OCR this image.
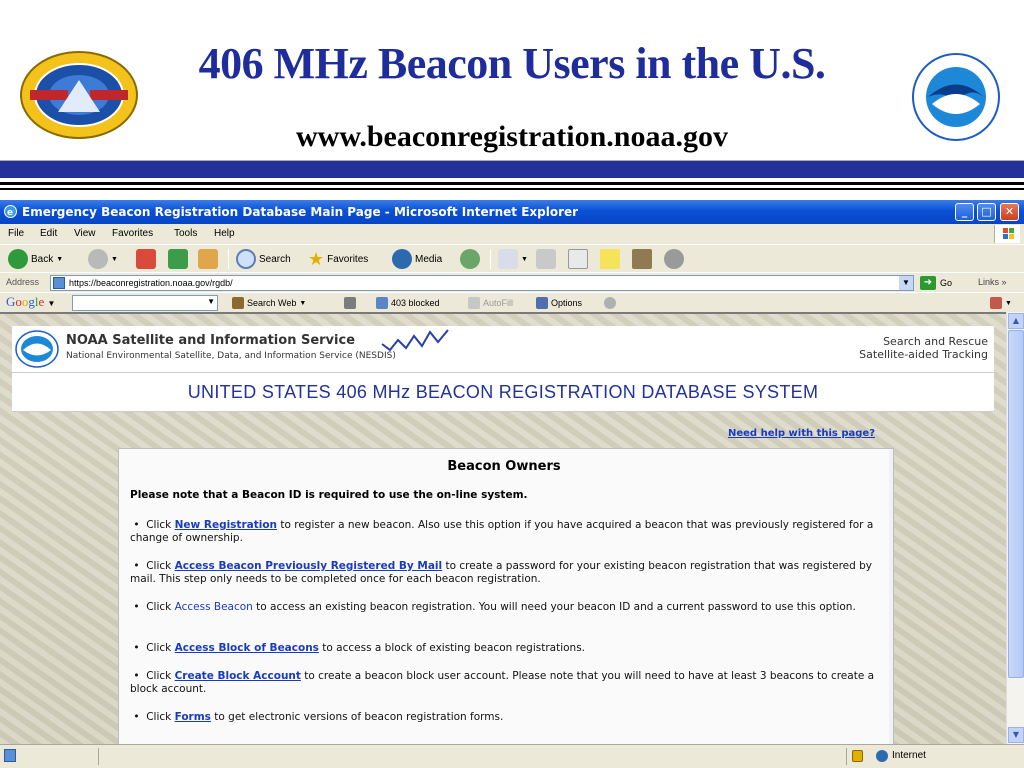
406 MHz Beacon Users in the U.S.
www.beaconregistration.noaa.gov
e Emergency Beacon Registration Database Main Page - Microsoft Internet Explorer	_	□	✕
File Edit View Favorites Tools Help
Back ▼	▼	Search ★ Favorites	Media	▼
Address	https://beaconregistration.noaa.gov/rgdb/	▼	➜ Go	Links »
Google ▼	▼	Search Web ▼	403 blocked	AutoFill	Options	▼
NOAA Satellite and Information Service
National Environmental Satellite, Data, and Information Service (NESDIS)
Search and Rescue
Satellite-aided Tracking
UNITED STATES 406 MHz BEACON REGISTRATION DATABASE SYSTEM
Need help with this page?
Beacon Owners
Please note that a Beacon ID is required to use the on-line system.
•  Click New Registration to register a new beacon. Also use this option if you have acquired a beacon that was previously registered for a change of ownership.
•  Click Access Beacon Previously Registered By Mail to create a password for your existing beacon registration that was registered by mail. This step only needs to be completed once for each beacon registration.
•  Click Access Beacon to access an existing beacon registration. You will need your beacon ID and a current password to use this option.
•  Click Access Block of Beacons to access a block of existing beacon registrations.
•  Click Create Block Account to create a beacon block user account. Please note that you will need to have at least 3 beacons to create a block account.
•  Click Forms to get electronic versions of beacon registration forms.
▲
▼
Internet
